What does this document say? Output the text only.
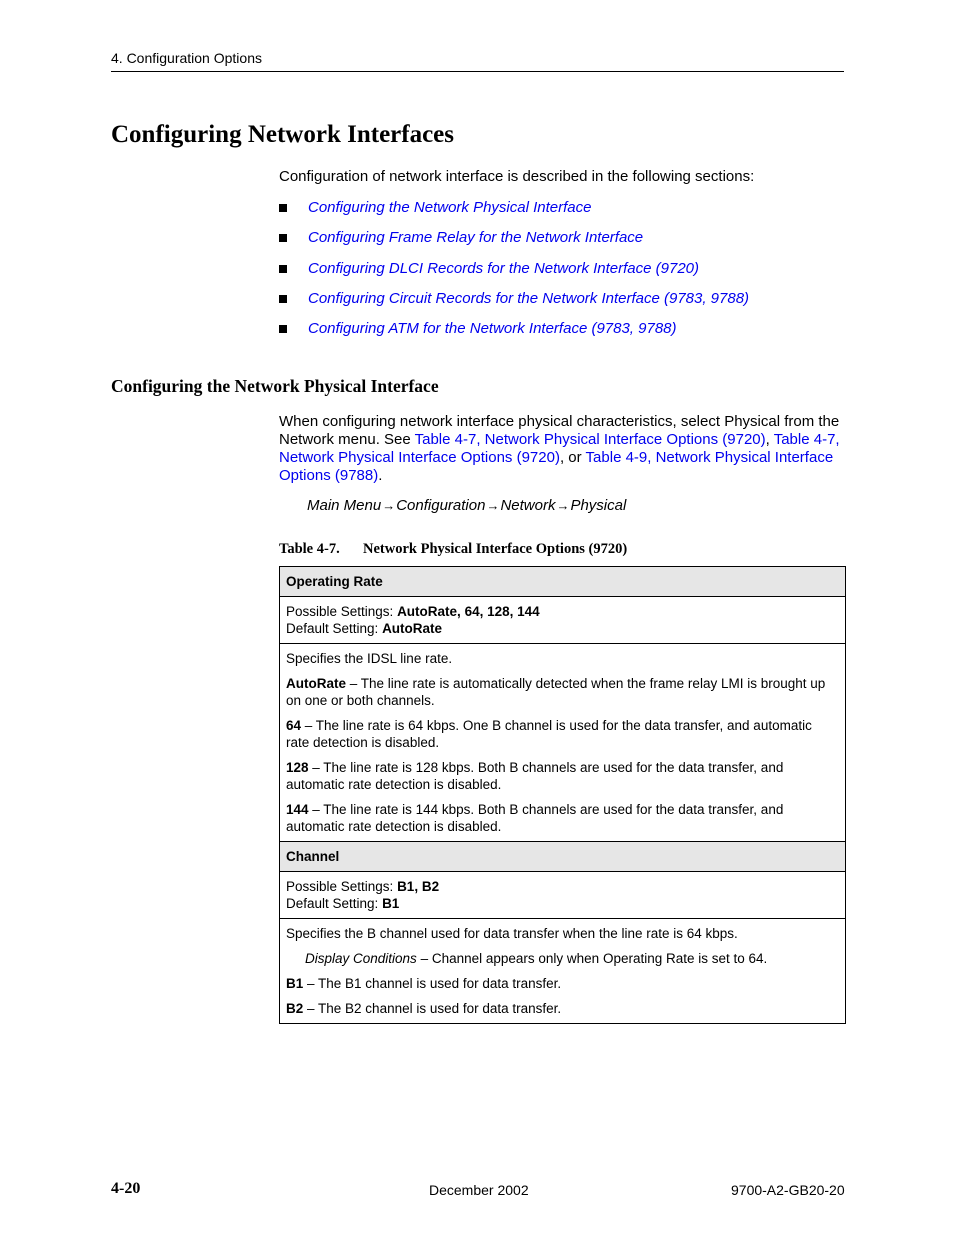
4. Configuration Options
Configuring Network Interfaces
Configuration of network interface is described in the following sections:
Configuring the Network Physical Interface
Configuring Frame Relay for the Network Interface
Configuring DLCI Records for the Network Interface (9720)
Configuring Circuit Records for the Network Interface (9783, 9788)
Configuring ATM for the Network Interface (9783, 9788)
Configuring the Network Physical Interface
When configuring network interface physical characteristics, select Physical from the Network menu. See Table 4-7, Network Physical Interface Options (9720), Table 4-7, Network Physical Interface Options (9720), or Table 4-9, Network Physical Interface Options (9788).
Main Menu→Configuration→Network→Physical
Table 4-7. Network Physical Interface Options (9720)
Operating Rate
Possible Settings: AutoRate, 64, 128, 144
Default Setting: AutoRate

Specifies the IDSL line rate.

AutoRate – The line rate is automatically detected when the frame relay LMI is brought up on one or both channels.

64 – The line rate is 64 kbps. One B channel is used for the data transfer, and automatic rate detection is disabled.

128 – The line rate is 128 kbps. Both B channels are used for the data transfer, and automatic rate detection is disabled.

144 – The line rate is 144 kbps. Both B channels are used for the data transfer, and automatic rate detection is disabled.

Channel
Possible Settings: B1, B2
Default Setting: B1

Specifies the B channel used for data transfer when the line rate is 64 kbps.

Display Conditions – Channel appears only when Operating Rate is set to 64.

B1 – The B1 channel is used for data transfer.

B2 – The B2 channel is used for data transfer.

4-20	December 2002	9700-A2-GB20-20
